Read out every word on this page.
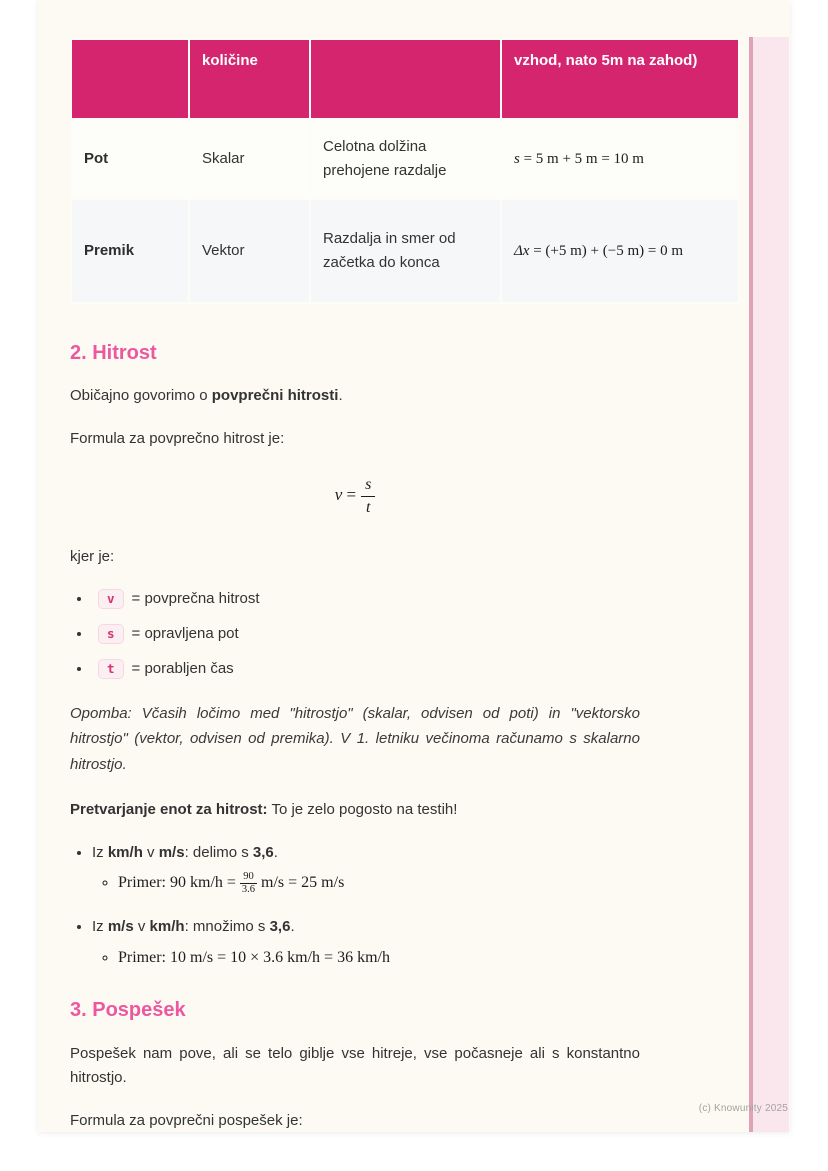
	količine		vzhod, nato 5m na zahod)
Pot	Skalar	Celotna dolžina prehojene razdalje	s = 5 m + 5 m = 10 m
Premik	Vektor	Razdalja in smer od začetka do konca	Δx = (+5 m) + (−5 m) = 0 m
2. Hitrost

Običajno govorimo o povprečni hitrosti.

Formula za povprečno hitrost je:

$v = \frac{s}{t}$

kjer je:

• v = povprečna hitrost
• s = opravljena pot
• t = porabljen čas

Opomba: Včasih ločimo med "hitrostjo" (skalar, odvisen od poti) in "vektorsko hitrostjo" (vektor, odvisen od premika). V 1. letniku večinoma računamo s skalarno hitrostjo.

Pretvarjanje enot za hitrost: To je zelo pogosto na testih!

• Iz km/h v m/s: delimo s 3,6.
◦ Primer: 90 $km/h = \frac{90}{3.6} m/s = 25$ m/s
• Iz m/s v km/h: množimo s 3,6.
◦ Primer: 10 m/s = 10 × 3.6 km/h = 36 km/h
3. Pospešek

Pospešek nam pove, ali se telo giblje vse hitreje, vse počasneje ali s konstantno hitrostjo.

Formula za povprečni pospešek je:

(c) Knowunity 2025
